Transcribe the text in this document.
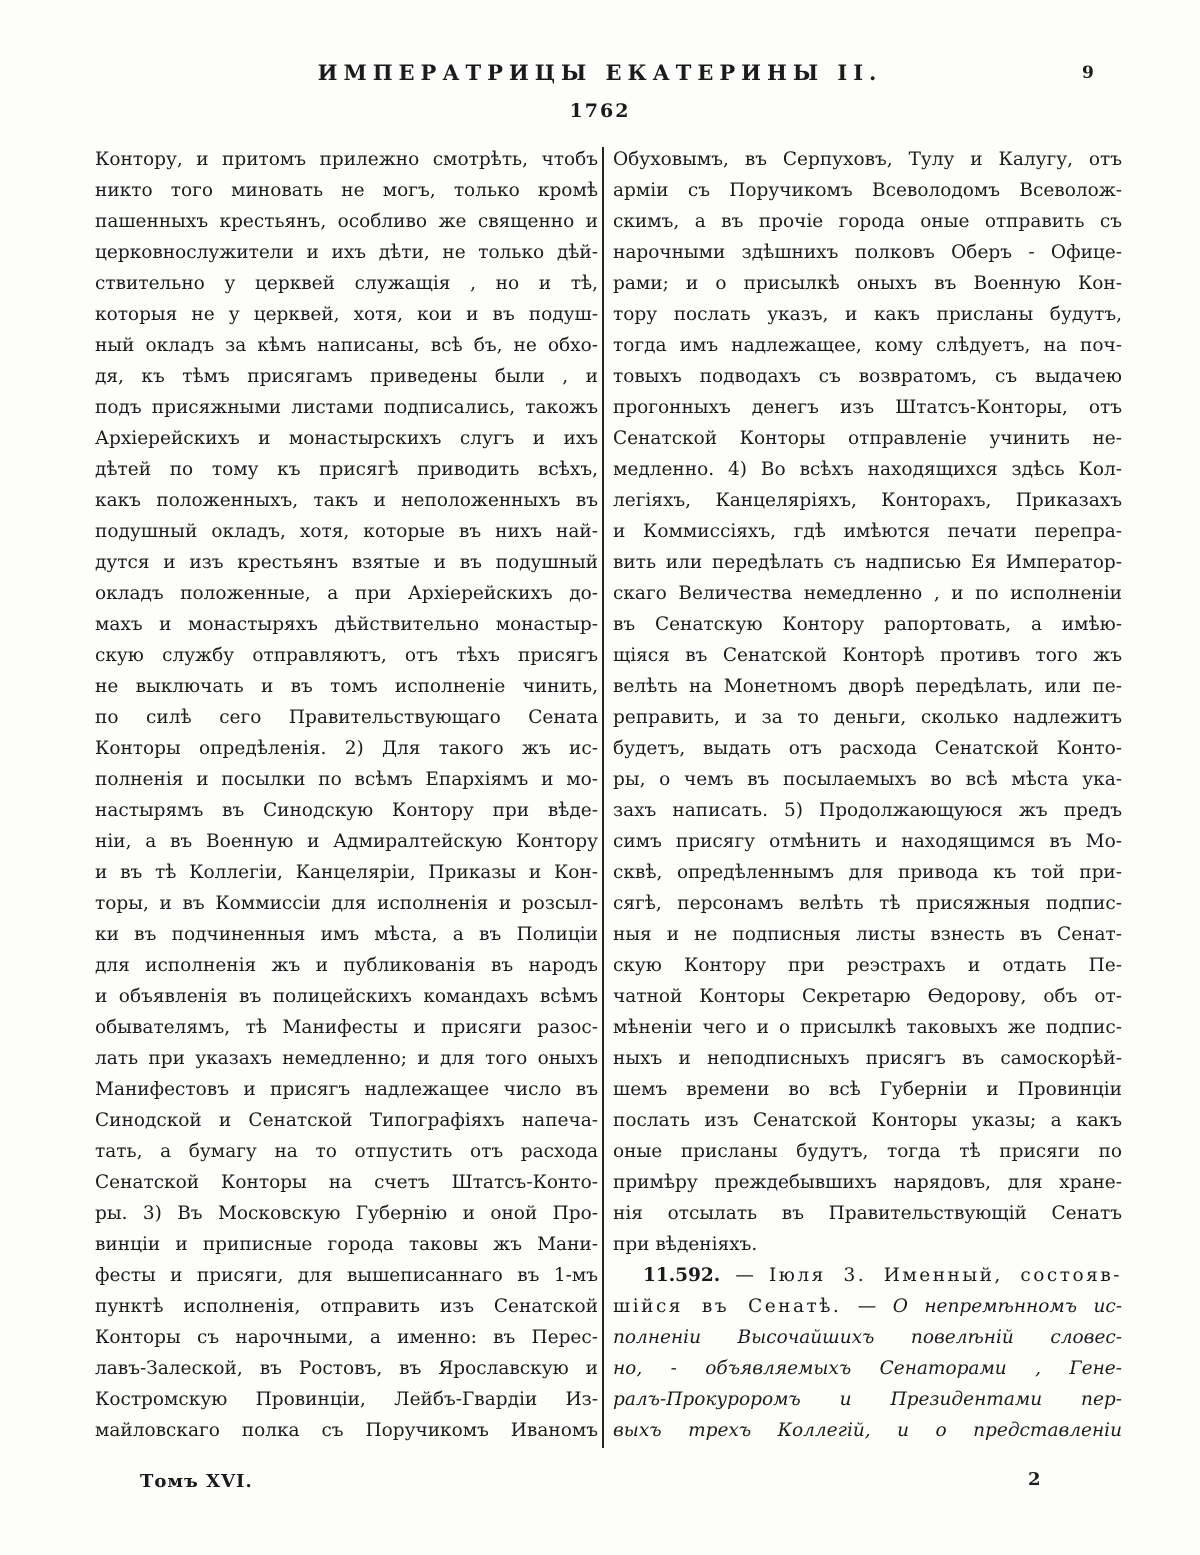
ИМПЕРАТРИЦЫ ЕКАТЕРИНЫ II.	9
1762
Контору, и притомъ прилежно смотрѣть, чтобъ
никто того миновать не могъ, только кромѣ
пашенныхъ крестьянъ, особливо же священно и
церковнослужители и ихъ дѣти, не только дѣй-
ствительно у церквей служащія , но и тѣ,
которыя не у церквей, хотя, кои и въ подуш-
ный окладъ за кѣмъ написаны, всѣ бъ, не обхо-
дя, къ тѣмъ присягамъ приведены были , и
подъ присяжными листами подписались, такожъ
Архіерейскихъ и монастырскихъ слугъ и ихъ
дѣтей по тому къ присягѣ приводить всѣхъ,
какъ положенныхъ, такъ и неположенныхъ въ
подушный окладъ, хотя, которые въ нихъ най-
дутся и изъ крестьянъ взятые и въ подушный
окладъ положенные, а при Архіерейскихъ до-
махъ и монастыряхъ дѣйствительно монастыр-
скую службу отправляютъ, отъ тѣхъ присягъ
не выключать и въ томъ исполненіе чинить,
по силѣ сего Правительствующаго Сената
Конторы опредѣленія. 2) Для такого жъ ис-
полненія и посылки по всѣмъ Епархіямъ и мо-
настырямъ въ Синодскую Контору при вѣде-
ніи, а въ Военную и Адмиралтейскую Контору
и въ тѣ Коллегіи, Канцеляріи, Приказы и Кон-
торы, и въ Коммиссіи для исполненія и розсыл-
ки въ подчиненныя имъ мѣста, а въ Полиціи
для исполненія жъ и публикованія въ народъ
и объявленія въ полицейскихъ командахъ всѣмъ
обывателямъ, тѣ Манифесты и присяги разос-
лать при указахъ немедленно; и для того оныхъ
Манифестовъ и присягъ надлежащее число въ
Синодской и Сенатской Типографіяхъ напеча-
тать, а бумагу на то отпустить отъ расхода
Сенатской Конторы на счетъ Штатсъ-Конто-
ры. 3) Въ Московскую Губернію и оной Про-
винціи и приписные города таковы жъ Мани-
фесты и присяги, для вышеписаннаго въ 1-мъ
пунктѣ исполненія, отправить изъ Сенатской
Конторы съ нарочными, а именно: въ Перес-
лавъ-Залеской, въ Ростовъ, въ Ярославскую и
Костромскую Провинціи, Лейбъ-Гвардіи Из-
майловскаго полка съ Поручикомъ Иваномъ
Обуховымъ, въ Серпуховъ, Тулу и Калугу, отъ
арміи съ Поручикомъ Всеволодомъ Всеволож-
скимъ, а въ прочіе города оные отправить съ
нарочными здѣшнихъ полковъ Оберъ - Офице-
рами; и о присылкѣ оныхъ въ Военную Кон-
тору послать указъ, и какъ присланы будутъ,
тогда имъ надлежащее, кому слѣдуетъ, на поч-
товыхъ подводахъ съ возвратомъ, съ выдачею
прогонныхъ денегъ изъ Штатсъ-Конторы, отъ
Сенатской Конторы отправленіе учинить не-
медленно. 4) Во всѣхъ находящихся здѣсь Кол-
легіяхъ, Канцеляріяхъ, Конторахъ, Приказахъ
и Коммиссіяхъ, гдѣ имѣются печати перепра-
вить или передѣлать съ надписью Ея Император-
скаго Величества немедленно , и по исполненіи
въ Сенатскую Контору рапортовать, а имѣю-
щіяся въ Сенатской Конторѣ противъ того жъ
велѣть на Монетномъ дворѣ передѣлать, или пе-
реправить, и за то деньги, сколько надлежитъ
будетъ, выдать отъ расхода Сенатской Конто-
ры, о чемъ въ посылаемыхъ во всѣ мѣста ука-
захъ написать. 5) Продолжающуюся жъ предъ
симъ присягу отмѣнить и находящимся въ Мо-
сквѣ, опредѣленнымъ для привода къ той при-
сягѣ, персонамъ велѣть тѣ присяжныя подпис-
ныя и не подписныя листы взнесть въ Сенат-
скую Контору при реэстрахъ и отдать Пе-
чатной Конторы Секретарю Ѳедорову, объ от-
мѣненіи чего и о присылкѣ таковыхъ же подпис-
ныхъ и неподписныхъ присягъ въ самоскорѣй-
шемъ времени во всѣ Губерніи и Провинціи
послать изъ Сенатской Конторы указы; а какъ
оные присланы будутъ, тогда тѣ присяги по
примѣру преждебывшихъ нарядовъ, для хране-
нія отсылать въ Правительствующій Сенатъ
при вѣденіяхъ.
11.592. — Іюля 3. Именный, состояв-
шійся въ Сенатѣ. — О непремѣнномъ ис-
полненіи Высочайшихъ повелѣній словес-
но, - объявляемыхъ Сенаторами , Гене-
ралъ-Прокуроромъ и Президентами пер-
выхъ трехъ Коллегій, и о представленіи
Томъ XVI.	2
